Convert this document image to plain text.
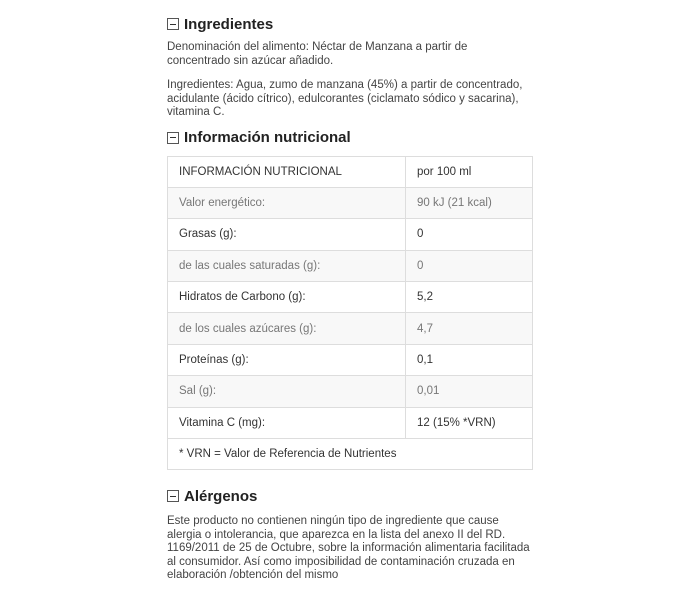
Ingredientes

Denominación del alimento: Néctar de Manzana a partir de concentrado sin azúcar añadido.

Ingredientes: Agua, zumo de manzana (45%) a partir de concentrado, acidulante (ácido cítrico), edulcorantes (ciclamato sódico y sacarina), vitamina C.

Información nutricional
INFORMACIÓN NUTRICIONAL	por 100 ml
Valor energético:	90 kJ (21 kcal)
Grasas (g):	0
de las cuales saturadas (g):	0
Hidratos de Carbono (g):	5,2
de los cuales azúcares (g):	4,7
Proteínas (g):	0,1
Sal (g):	0,01
Vitamina C (mg):	12 (15% *VRN)
* VRN = Valor de Referencia de Nutrientes	
Alérgenos

Este producto no contienen ningún tipo de ingrediente que cause alergia o intolerancia, que aparezca en la lista del anexo II del RD. 1169/2011 de 25 de Octubre, sobre la información alimentaria facilitada al consumidor. Así como imposibilidad de contaminación cruzada en elaboración /obtención del mismo
